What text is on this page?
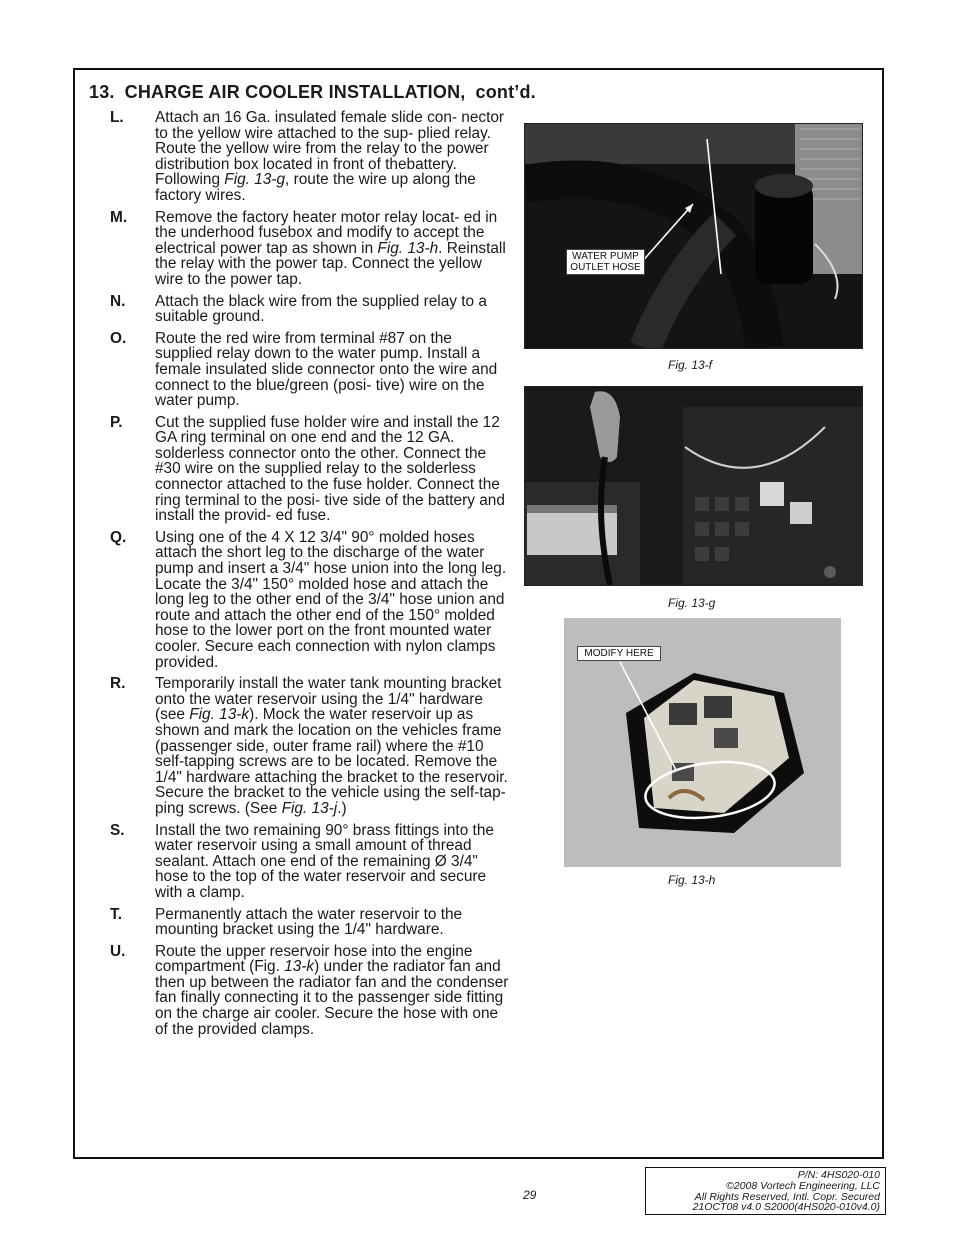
13. CHARGE AIR COOLER INSTALLATION, cont’d.
L. Attach an 16 Ga. insulated female slide con- nector to the yellow wire attached to the sup- plied relay. Route the yellow wire from the relay to the power distribution box located in front of thebattery. Following Fig. 13-g, route the wire up along the factory wires.
M. Remove the factory heater motor relay locat- ed in the underhood fusebox and modify to accept the electrical power tap as shown in Fig. 13-h. Reinstall the relay with the power tap. Connect the yellow wire to the power tap.
N. Attach the black wire from the supplied relay to a suitable ground.
O. Route the red wire from terminal #87 on the supplied relay down to the water pump. Install a female insulated slide connector onto the wire and connect to the blue/green (posi- tive) wire on the water pump.
P. Cut the supplied fuse holder wire and install the 12 GA ring terminal on one end and the 12 GA. solderless connector onto the other. Connect the #30 wire on the supplied relay to the solderless connector attached to the fuse holder. Connect the ring terminal to the posi- tive side of the battery and install the provid- ed fuse.
Q. Using one of the 4 X 12 3/4" 90° molded hoses attach the short leg to the discharge of the water pump and insert a 3/4" hose union into the long leg. Locate the 3/4" 150° molded hose and attach the long leg to the other end of the 3/4" hose union and route and attach the other end of the 150° molded hose to the lower port on the front mounted water cooler. Secure each connection with nylon clamps provided.
R. Temporarily install the water tank mounting bracket onto the water reservoir using the 1/4" hardware (see Fig. 13-k). Mock the water reservoir up as shown and mark the location on the vehicles frame (passenger side, outer frame rail) where the #10 self-tapping screws are to be located. Remove the 1/4" hardware attaching the bracket to the reservoir. Secure the bracket to the vehicle using the self-tap- ping screws. (See Fig. 13-j.)
S. Install the two remaining 90° brass fittings into the water reservoir using a small amount of thread sealant. Attach one end of the remaining Ø 3/4" hose to the top of the water reservoir and secure with a clamp.
T. Permanently attach the water reservoir to the mounting bracket using the 1/4" hardware.
U. Route the upper reservoir hose into the engine compartment (Fig. 13-k) under the radiator fan and then up between the radiator fan and the condenser fan finally connecting it to the passenger side fitting on the charge air cooler. Secure the hose with one of the provided clamps.
WATER PUMP
OUTLET HOSE
Fig. 13-f
Fig. 13-g
MODIFY HERE
Fig. 13-h
29
P/N: 4HS020-010
©2008 Vortech Engineering, LLC
All Rights Reserved, Intl. Copr. Secured
21OCT08 v4.0 S2000(4HS020-010v4.0)
